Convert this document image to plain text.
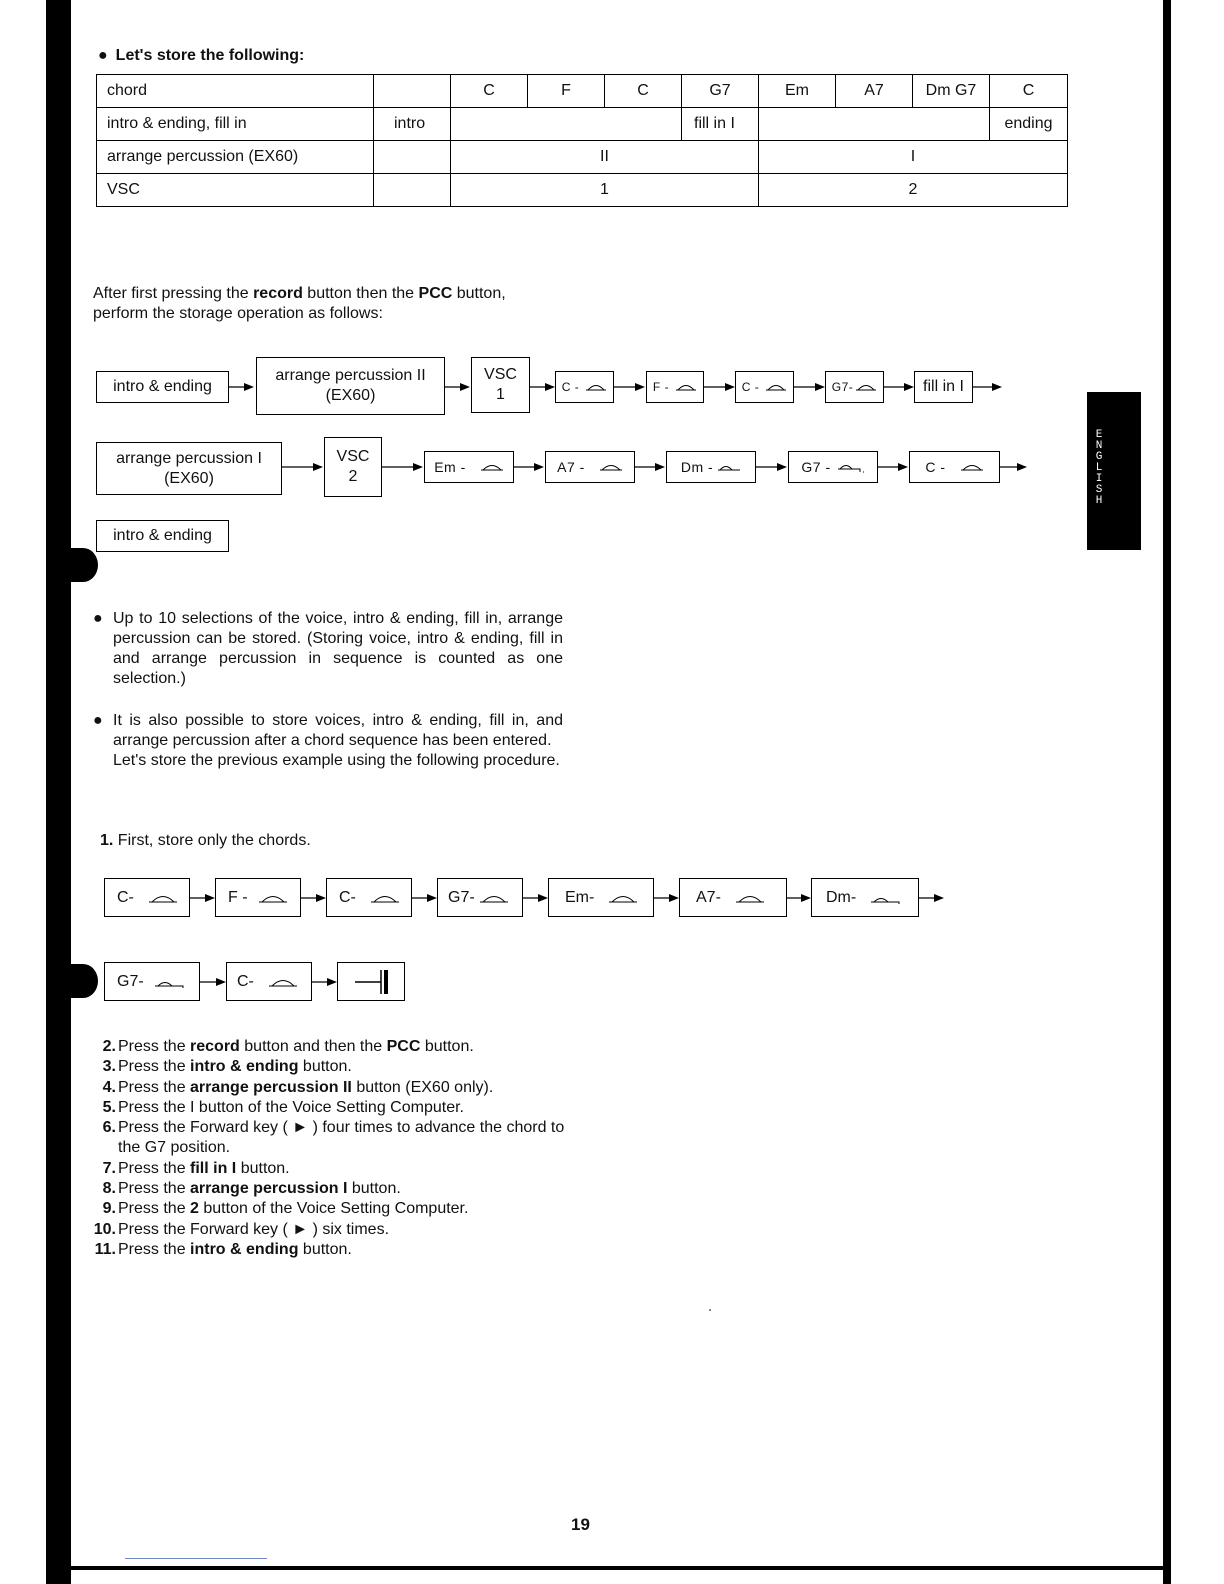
E
N
G
L
I
S
H
● Let's store the following:
chord		C	F	C	G7	Em	A7	Dm G7	C
intro & ending, fill in	intro				fill in I				ending
arrange percussion (EX60)		II				I			
VSC		1				2			
After first pressing the record button then the PCC button,
perform the storage operation as follows:
intro & ending
arrange percussion II
(EX60)
VSC
1	C -	F -	C -	G7-	fill in I
arrange percussion I
(EX60)
VSC
2
Em -	A7 -	Dm -	G7 -	C -
intro & ending
● Up to 10 selections of the voice, intro & ending, fill in, arrange percussion can be stored. (Storing voice, intro & ending, fill in and arrange percussion in sequence is counted as one selection.)
● It is also possible to store voices, intro & ending, fill in, and arrange percussion after a chord sequence has been entered.
Let's store the previous example using the following procedure.
1. First, store only the chords.
C-	F -	C-	G7-	Em-	A7-	Dm-
G7-	C-
2. Press the record button and then the PCC button.
3. Press the intro & ending button.
4. Press the arrange percussion II button (EX60 only).
5. Press the I button of the Voice Setting Computer.
6. Press the Forward key ( ► ) four times to advance the chord to the G7 position.
7. Press the fill in I button.
8. Press the arrange percussion I button.
9. Press the 2 button of the Voice Setting Computer.
10. Press the Forward key ( ► ) six times.
11. Press the intro & ending button.
19
